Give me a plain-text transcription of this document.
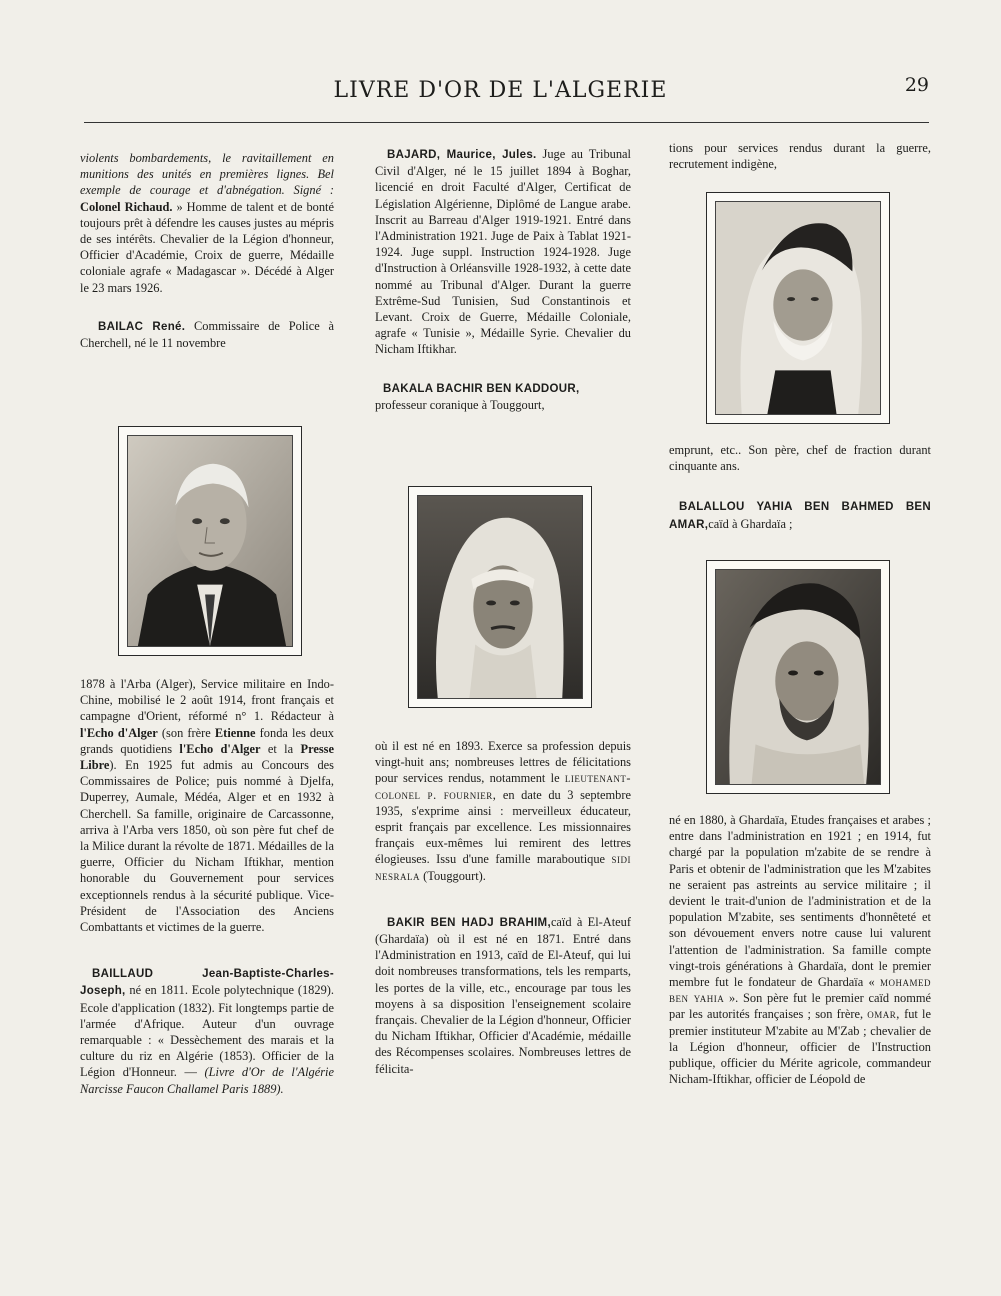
LIVRE D'OR DE L'ALGERIE	29

violents bombardements, le ravitaillement en munitions des unités en premières lignes. Bel exemple de courage et d'abnégation. Signé : Colonel Richaud. » Homme de talent et de bonté toujours prêt à défendre les causes justes au mépris de ses intérêts. Chevalier de la Légion d'honneur, Officier d'Académie, Croix de guerre, Médaille coloniale agrafe « Madagascar ». Décédé à Alger le 23 mars 1926.

BAILAC René. Commissaire de Police à Cherchell, né le 11 novembre

1878 à l'Arba (Alger), Service militaire en Indo-Chine, mobilisé le 2 août 1914, front français et campagne d'Orient, réformé n° 1. Rédacteur à l'Echo d'Alger (son frère Etienne fonda les deux grands quotidiens l'Echo d'Alger et la Presse Libre). En 1925 fut admis au Concours des Commissaires de Police; puis nommé à Djelfa, Duperrey, Aumale, Médéa, Alger et en 1932 à Cherchell. Sa famille, originaire de Carcassonne, arriva à l'Arba vers 1850, où son père fut chef de la Milice durant la révolte de 1871. Médailles de la guerre, Officier du Nicham Iftikhar, mention honorable du Gouvernement pour services exceptionnels rendus à la sécurité publique. Vice-Président de l'Association des Anciens Combattants et victimes de la guerre.

BAILLAUD Jean-Baptiste-Charles-Joseph, né en 1811. Ecole polytechnique (1829). Ecole d'application (1832). Fit longtemps partie de l'armée d'Afrique. Auteur d'un ouvrage remarquable : « Dessèchement des marais et la culture du riz en Algérie (1853). Officier de la Légion d'Honneur. — (Livre d'Or de l'Algérie Narcisse Faucon Challamel Paris 1889).

BAJARD, Maurice, Jules. Juge au Tribunal Civil d'Alger, né le 15 juillet 1894 à Boghar, licencié en droit Faculté d'Alger, Certificat de Législation Algérienne, Diplômé de Langue arabe. Inscrit au Barreau d'Alger 1919-1921. Entré dans l'Administration 1921. Juge de Paix à Tablat 1921-1924. Juge suppl. Instruction 1924-1928. Juge d'Instruction à Orléansville 1928-1932, à cette date nommé au Tribunal d'Alger. Durant la guerre Extrême-Sud Tunisien, Sud Constantinois et Levant. Croix de Guerre, Médaille Coloniale, agrafe « Tunisie », Médaille Syrie. Chevalier du Nicham Iftikhar.

BAKALA BACHIR BEN KADDOUR,
professeur coranique à Touggourt,

où il est né en 1893. Exerce sa profession depuis vingt-huit ans; nombreuses lettres de félicitations pour services rendus, notamment le lieutenant-colonel p. fournier, en date du 3 septembre 1935, s'exprime ainsi : merveilleux éducateur, esprit français par excellence. Les missionnaires français eux-mêmes lui remirent des lettres élogieuses. Issu d'une famille maraboutique sidi nesrala (Touggourt).

BAKIR BEN HADJ BRAHIM,caïd à El-Ateuf (Ghardaïa) où il est né en 1871. Entré dans l'Administration en 1913, caïd de El-Ateuf, qui lui doit nombreuses transformations, tels les remparts, les portes de la ville, etc., encourage par tous les moyens à sa disposition l'enseignement scolaire français. Chevalier de la Légion d'honneur, Officier du Nicham Iftikhar, Officier d'Académie, médaille des Récompenses scolaires. Nombreuses lettres de félicita-

tions pour services rendus durant la guerre, recrutement indigène,

emprunt, etc.. Son père, chef de fraction durant cinquante ans.

BALALLOU YAHIA BEN BAHMED BEN AMAR,caïd à Ghardaïa ;

né en 1880, à Ghardaïa, Etudes françaises et arabes ; entre dans l'administration en 1921 ; en 1914, fut chargé par la population m'zabite de se rendre à Paris et obtenir de l'administration que les M'zabites ne seraient pas astreints au service militaire ; il devient le trait-d'union de l'administration et de la population M'zabite, ses sentiments d'honnêteté et son dévouement envers notre cause lui valurent l'attention de l'administration. Sa famille compte vingt-trois générations à Ghardaïa, dont le premier membre fut le fondateur de Ghardaïa « mohamed ben yahia ». Son père fut le premier caïd nommé par les autorités françaises ; son frère, omar, fut le premier instituteur M'zabite au M'Zab ; chevalier de la Légion d'honneur, officier de l'Instruction publique, officier du Mérite agricole, commandeur Nicham-Iftikhar, officier de Léopold de
